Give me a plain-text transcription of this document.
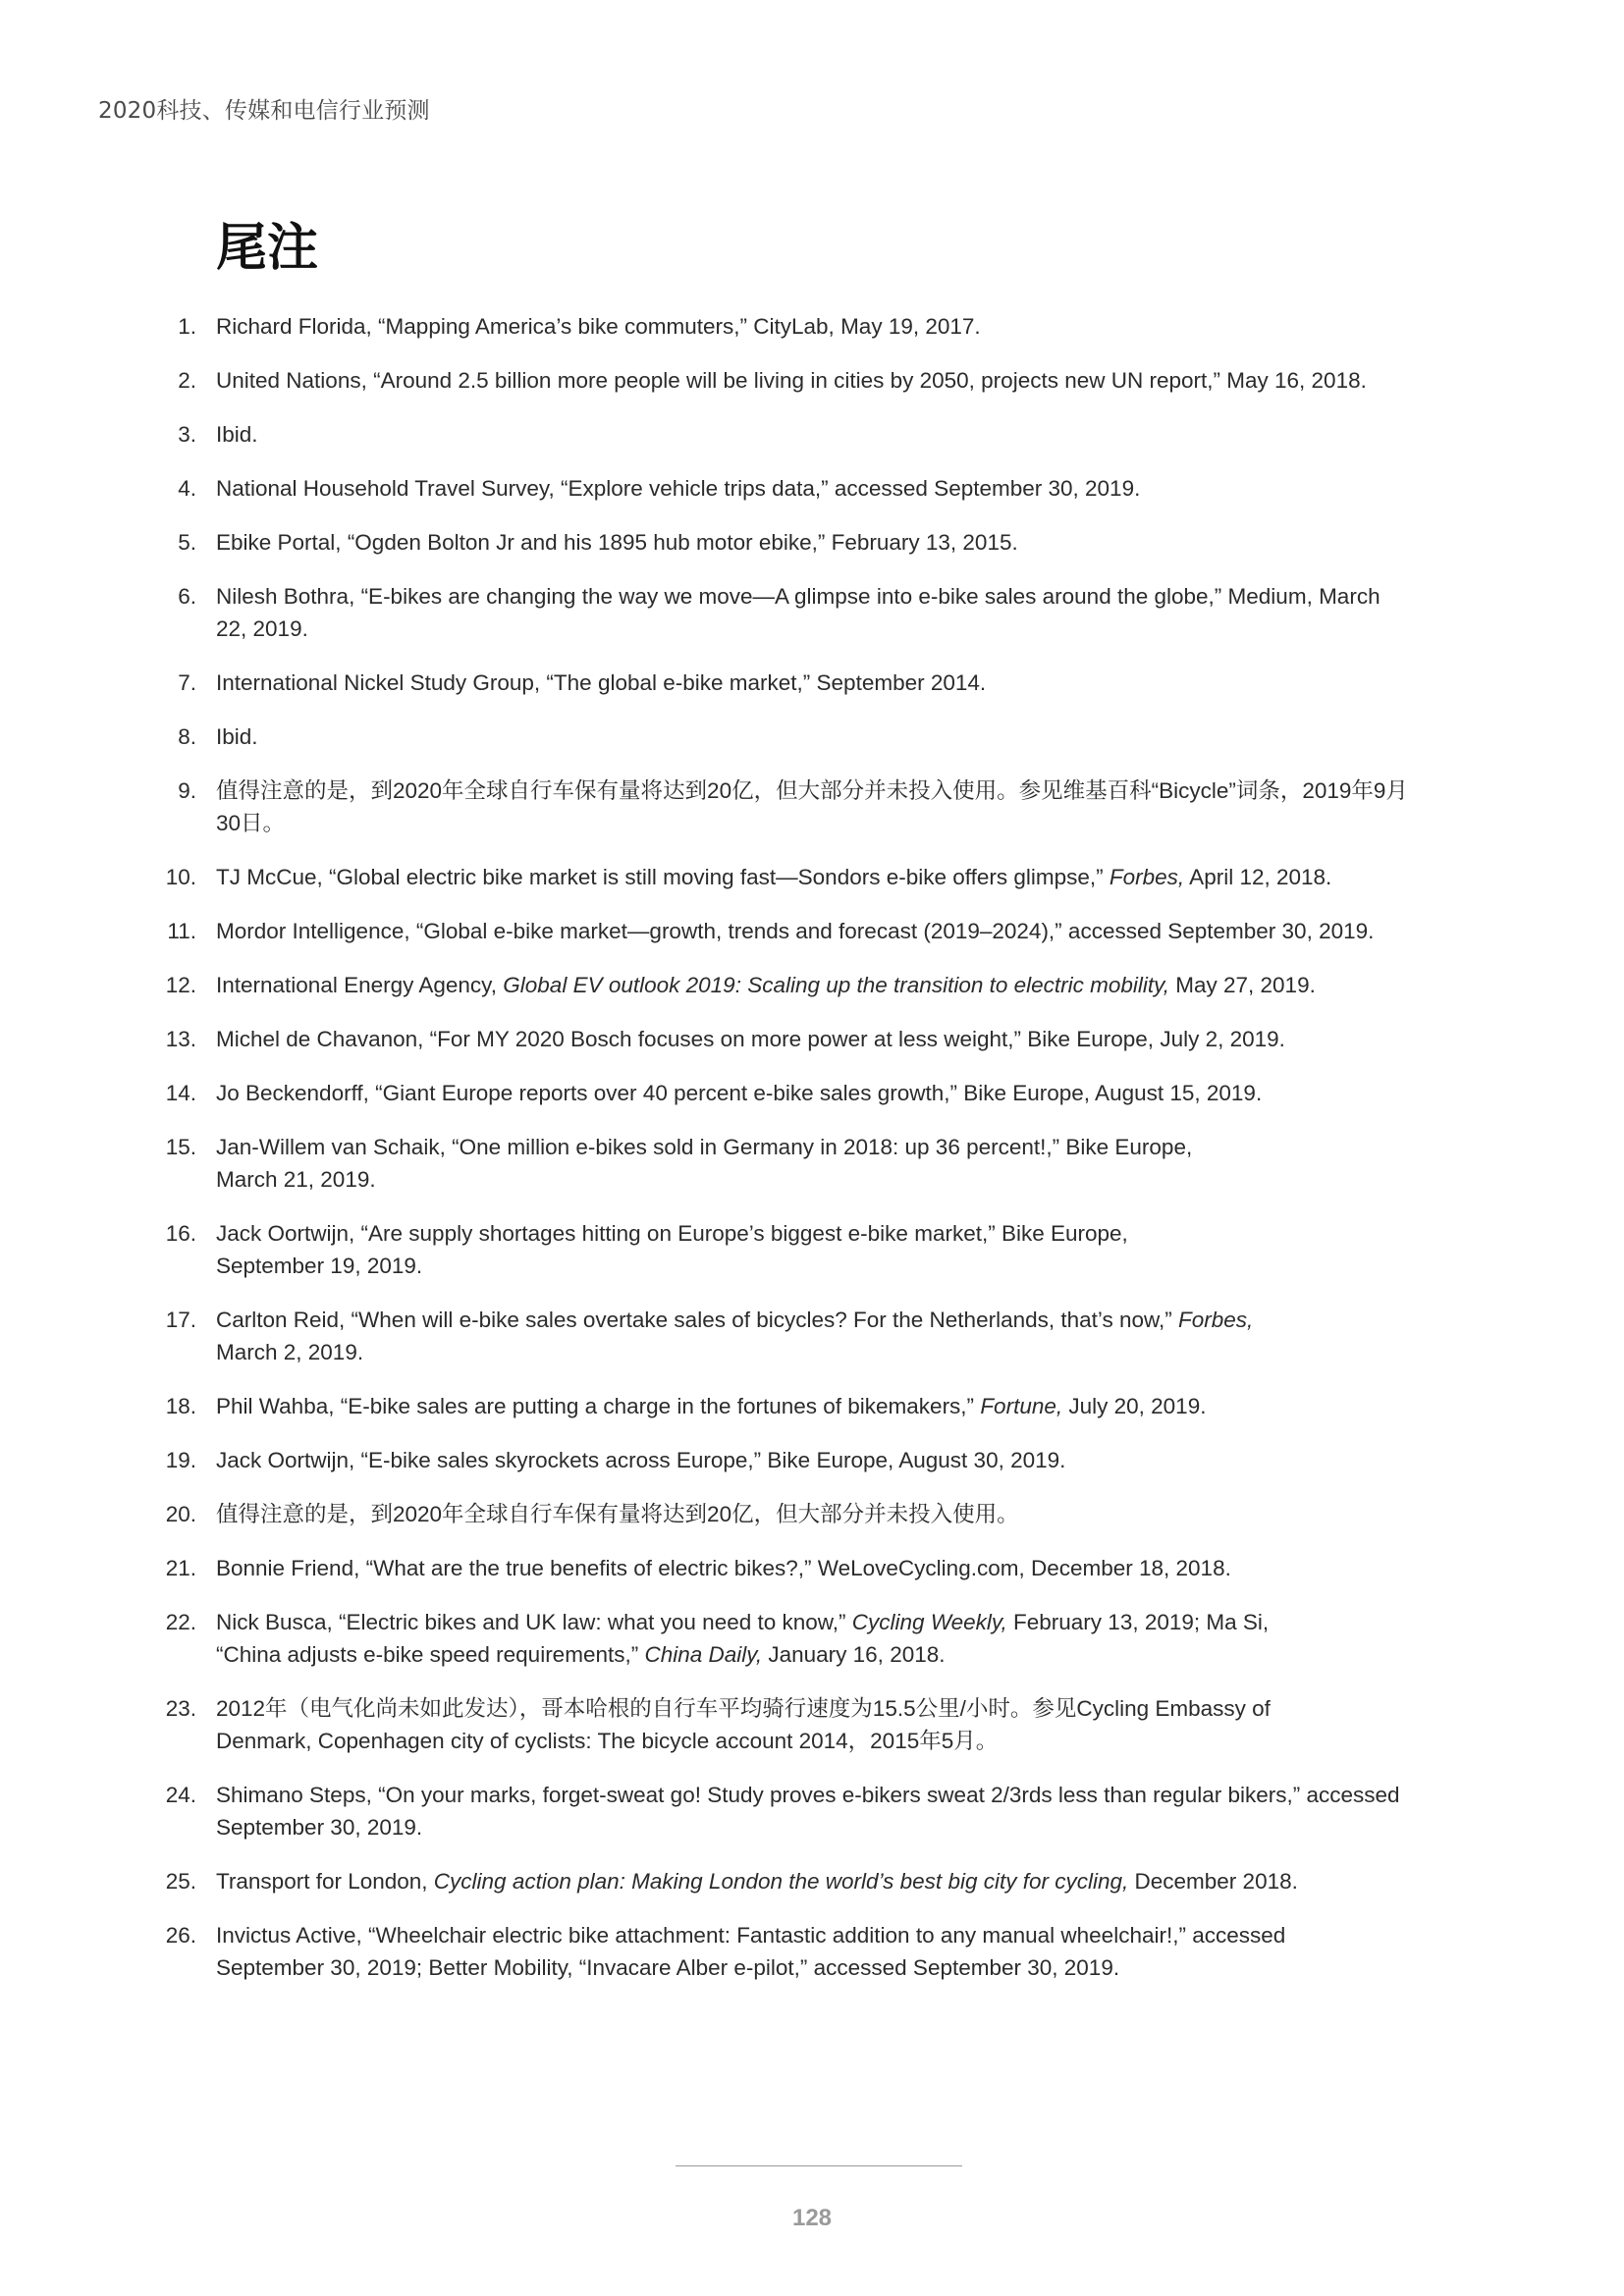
2020科技、传媒和电信行业预测
尾注
1. Richard Florida, “Mapping America’s bike commuters,” CityLab, May 19, 2017.
2. United Nations, “Around 2.5 billion more people will be living in cities by 2050, projects new UN report,” May 16, 2018.
3. Ibid.
4. National Household Travel Survey, “Explore vehicle trips data,” accessed September 30, 2019.
5. Ebike Portal, “Ogden Bolton Jr and his 1895 hub motor ebike,” February 13, 2015.
6. Nilesh Bothra, “E-bikes are changing the way we move—A glimpse into e-bike sales around the globe,” Medium, March 22, 2019.
7. International Nickel Study Group, “The global e-bike market,” September 2014.
8. Ibid.
9. 值得注意的是，到2020年全球自行车保有量将达到20亿，但大部分并未投入使用。参见维基百科“Bicycle”词条，2019年9月30日。
10. TJ McCue, “Global electric bike market is still moving fast—Sondors e-bike offers glimpse,” Forbes, April 12, 2018.
11. Mordor Intelligence, “Global e-bike market—growth, trends and forecast (2019–2024),” accessed September 30, 2019.
12. International Energy Agency, Global EV outlook 2019: Scaling up the transition to electric mobility, May 27, 2019.
13. Michel de Chavanon, “For MY 2020 Bosch focuses on more power at less weight,” Bike Europe, July 2, 2019.
14. Jo Beckendorff, “Giant Europe reports over 40 percent e-bike sales growth,” Bike Europe, August 15, 2019.
15. Jan-Willem van Schaik, “One million e-bikes sold in Germany in 2018: up 36 percent!,” Bike Europe,
March 21, 2019.
16. Jack Oortwijn, “Are supply shortages hitting on Europe’s biggest e-bike market,” Bike Europe,
September 19, 2019.
17. Carlton Reid, “When will e-bike sales overtake sales of bicycles? For the Netherlands, that’s now,” Forbes,
March 2, 2019.
18. Phil Wahba, “E-bike sales are putting a charge in the fortunes of bikemakers,” Fortune, July 20, 2019.
19. Jack Oortwijn, “E-bike sales skyrockets across Europe,” Bike Europe, August 30, 2019.
20. 值得注意的是，到2020年全球自行车保有量将达到20亿，但大部分并未投入使用。
21. Bonnie Friend, “What are the true benefits of electric bikes?,” WeLoveCycling.com, December 18, 2018.
22. Nick Busca, “Electric bikes and UK law: what you need to know,” Cycling Weekly, February 13, 2019; Ma Si,
“China adjusts e-bike speed requirements,” China Daily, January 16, 2018.
23. 2012年（电气化尚未如此发达），哥本哈根的自行车平均骑行速度为15.5公里/小时。参见Cycling Embassy of
Denmark, Copenhagen city of cyclists: The bicycle account 2014，2015年5月。
24. Shimano Steps, “On your marks, forget-sweat go! Study proves e-bikers sweat 2/3rds less than regular bikers,” accessed September 30, 2019.
25. Transport for London, Cycling action plan: Making London the world’s best big city for cycling, December 2018.
26. Invictus Active, “Wheelchair electric bike attachment: Fantastic addition to any manual wheelchair!,” accessed
September 30, 2019; Better Mobility, “Invacare Alber e-pilot,” accessed September 30, 2019.
128
